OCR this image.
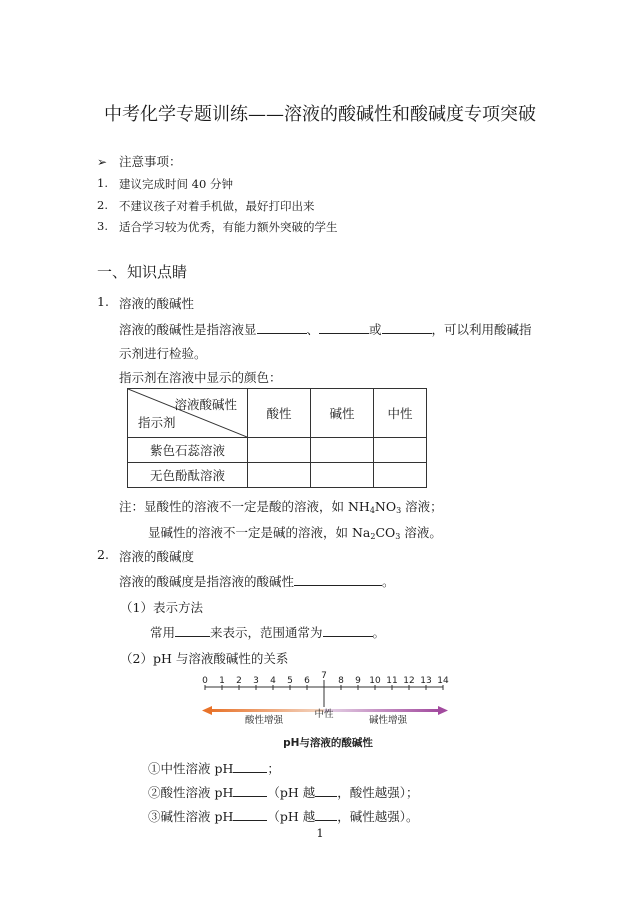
中考化学专题训练——溶液的酸碱性和酸碱度专项突破
➢ 注意事项：
1. 建议完成时间 40 分钟
2. 不建议孩子对着手机做，最好打印出来
3. 适合学习较为优秀，有能力额外突破的学生
一、知识点睛
1. 溶液的酸碱性
溶液的酸碱性是指溶液显	、	或	，可以利用酸碱指
示剂进行检验。
指示剂在溶液中显示的颜色：
溶液酸碱性
指示剂	酸性	碱性	中性
紫色石蕊溶液			
无色酚酞溶液			
注：显酸性的溶液不一定是酸的溶液，如 $NH_4NO_3$ 溶液；
显碱性的溶液不一定是碱的溶液，如 $Na_2CO_3$ 溶液。
2. 溶液的酸碱度
溶液的酸碱度是指溶液的酸碱性	。
（1）表示方法
常用	来表示，范围通常为	。
（2）pH 与溶液酸碱性的关系
0 1 2 3 4 5 6 7 8 9 10 11 12 13 14
酸性增强
中性
碱性增强
pH与溶液的酸碱性
①中性溶液 pH	；
②酸性溶液 pH	（pH 越 ，酸性越强）；
③碱性溶液 pH	（pH 越 ，碱性越强）。
1
